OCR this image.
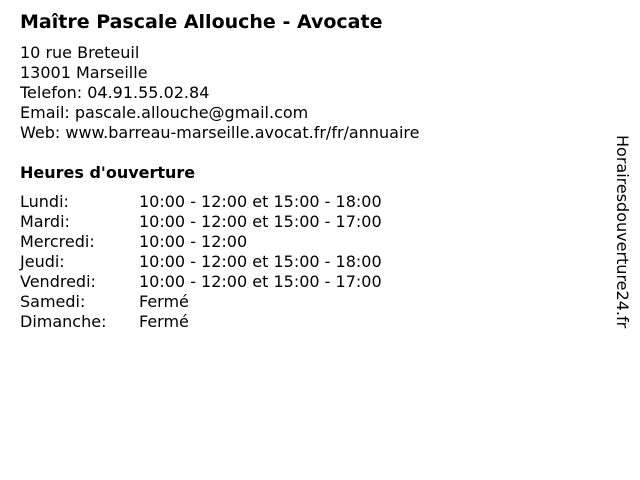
Maître Pascale Allouche - Avocate
10 rue Breteuil
13001 Marseille
Telefon: 04.91.55.02.84
Email: pascale.allouche@gmail.com
Web: www.barreau-marseille.avocat.fr/fr/annuaire
Heures d'ouverture
Lundi:	10:00 - 12:00 et 15:00 - 18:00
Mardi:	10:00 - 12:00 et 15:00 - 17:00
Mercredi:	10:00 - 12:00
Jeudi:	10:00 - 12:00 et 15:00 - 18:00
Vendredi:	10:00 - 12:00 et 15:00 - 17:00
Samedi:	Fermé
Dimanche:	Fermé	Horairesdouverture24.fr
